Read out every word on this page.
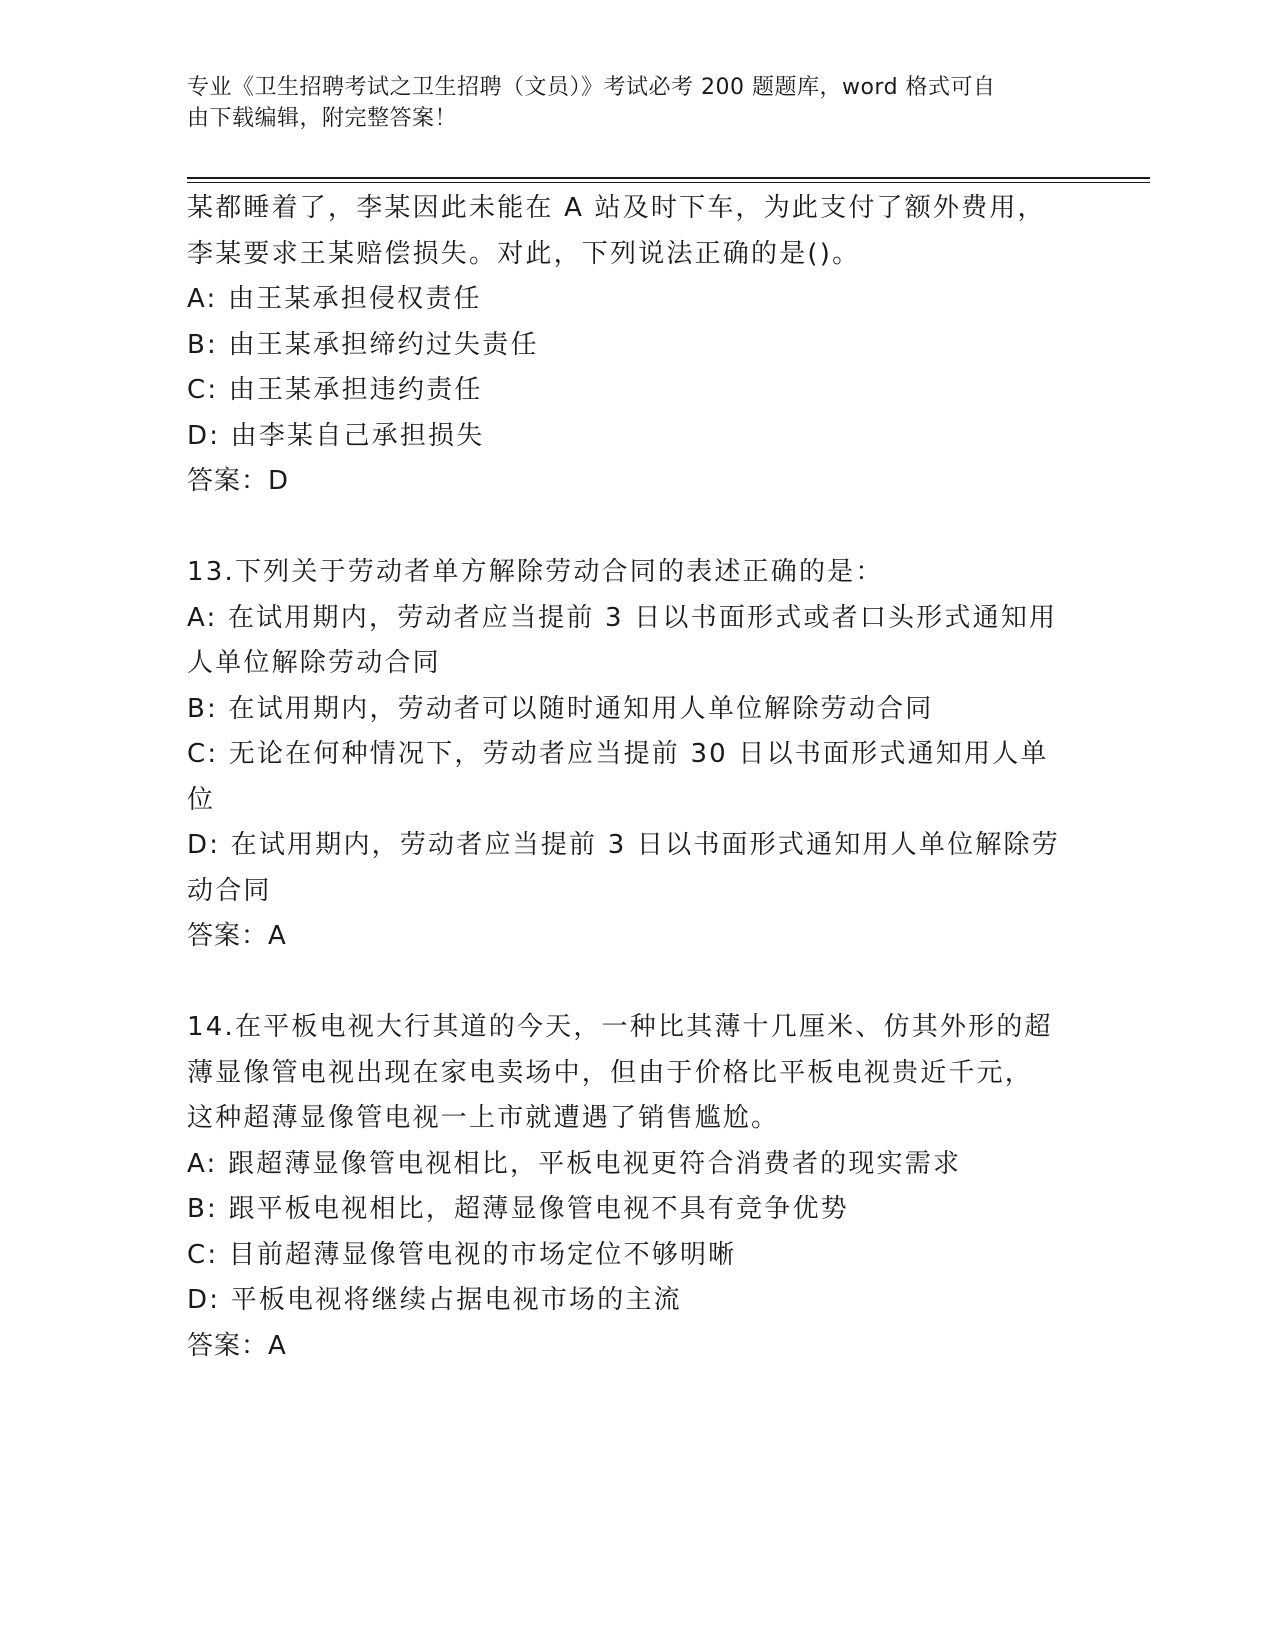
专业《卫生招聘考试之卫生招聘（文员）》考试必考 200 题题库，word 格式可自
由下载编辑，附完整答案！
某都睡着了，李某因此未能在 A 站及时下车，为此支付了额外费用，
李某要求王某赔偿损失。对此，下列说法正确的是()。
A: 由王某承担侵权责任
B: 由王某承担缔约过失责任
C: 由王某承担违约责任
D: 由李某自己承担损失
答案：D
13.下列关于劳动者单方解除劳动合同的表述正确的是：
A: 在试用期内，劳动者应当提前 3 日以书面形式或者口头形式通知用
人单位解除劳动合同
B: 在试用期内，劳动者可以随时通知用人单位解除劳动合同
C: 无论在何种情况下，劳动者应当提前 30 日以书面形式通知用人单
位
D: 在试用期内，劳动者应当提前 3 日以书面形式通知用人单位解除劳
动合同
答案：A
14.在平板电视大行其道的今天，一种比其薄十几厘米、仿其外形的超
薄显像管电视出现在家电卖场中，但由于价格比平板电视贵近千元，
这种超薄显像管电视一上市就遭遇了销售尴尬。
A: 跟超薄显像管电视相比，平板电视更符合消费者的现实需求
B: 跟平板电视相比，超薄显像管电视不具有竞争优势
C: 目前超薄显像管电视的市场定位不够明晰
D: 平板电视将继续占据电视市场的主流
答案：A
